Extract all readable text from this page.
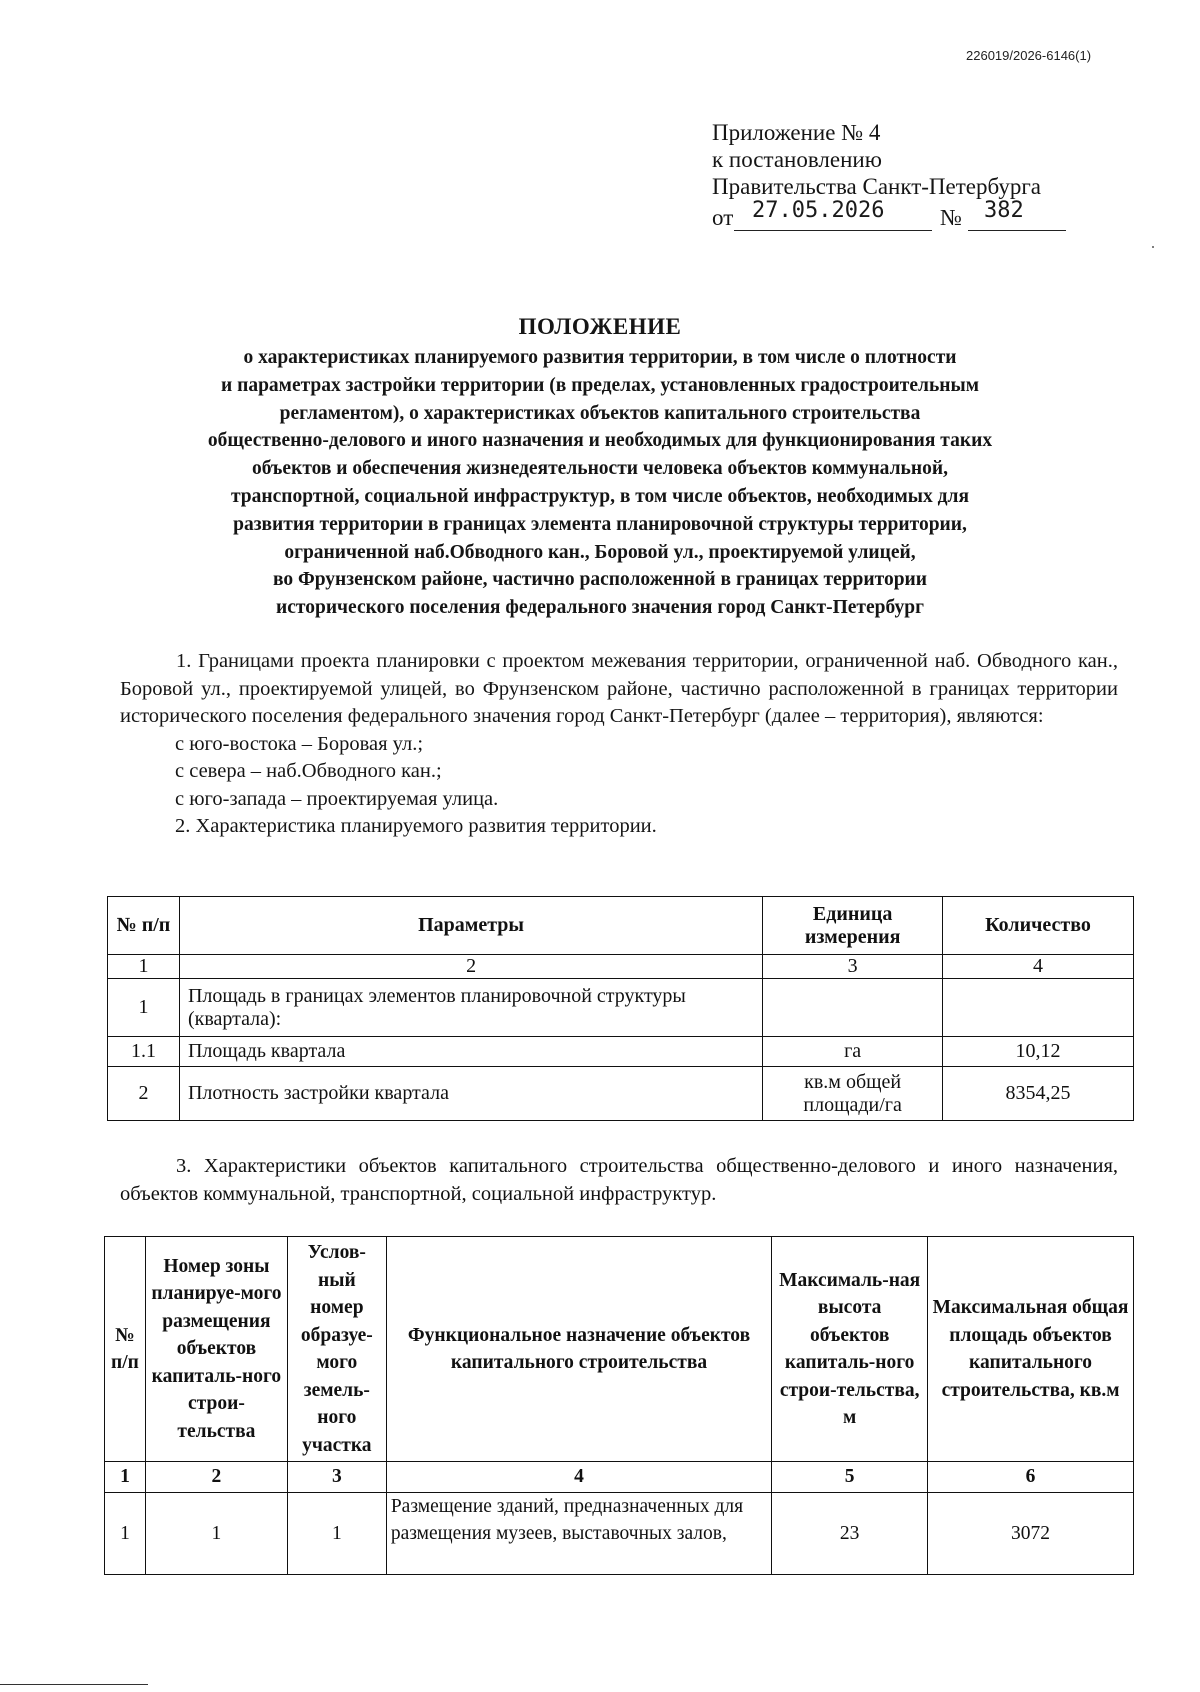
226019/2026-6146(1)
Приложение № 4
к постановлению
Правительства Санкт-Петербурга
от 27.05.2026 № 382
ПОЛОЖЕНИЕ
о характеристиках планируемого развития территории, в том числе о плотности
и параметрах застройки территории (в пределах, установленных градостроительным
регламентом), о характеристиках объектов капитального строительства
общественно-делового и иного назначения и необходимых для функционирования таких
объектов и обеспечения жизнедеятельности человека объектов коммунальной,
транспортной, социальной инфраструктур, в том числе объектов, необходимых для
развития территории в границах элемента планировочной структуры территории,
ограниченной наб.Обводного кан., Боровой ул., проектируемой улицей,
во Фрунзенском районе, частично расположенной в границах территории
исторического поселения федерального значения город Санкт-Петербург
1. Границами проекта планировки с проектом межевания территории, ограниченной наб. Обводного кан., Боровой ул., проектируемой улицей, во Фрунзенском районе, частично расположенной в границах территории исторического поселения федерального значения город Санкт-Петербург (далее – территория), являются:
с юго-востока – Боровая ул.;
с севера – наб.Обводного кан.;
с юго-запада – проектируемая улица.
2. Характеристика планируемого развития территории.
№ п/п	Параметры	Единица измерения	Количество
1	2	3	4
1	Площадь в границах элементов планировочной структуры (квартала):		
1.1	Площадь квартала	га	10,12
2	Плотность застройки квартала	кв.м общей площади/га	8354,25
3. Характеристики объектов капитального строительства общественно-делового и иного назначения, объектов коммунальной, транспортной, социальной инфраструктур.
№ п/п	Номер зоны планируе-мого размещения объектов капиталь-ного строи-тельства	Услов-ный номер образуе-мого земель-ного участка	Функциональное назначение объектов капитального строительства	Максималь-ная высота объектов капиталь-ного строи-тельства, м	Максимальная общая площадь объектов капитального строительства, кв.м
1	2	3	4	5	6
1	1	1	Размещение зданий, предназначенных для размещения музеев, выставочных залов,	23	3072
